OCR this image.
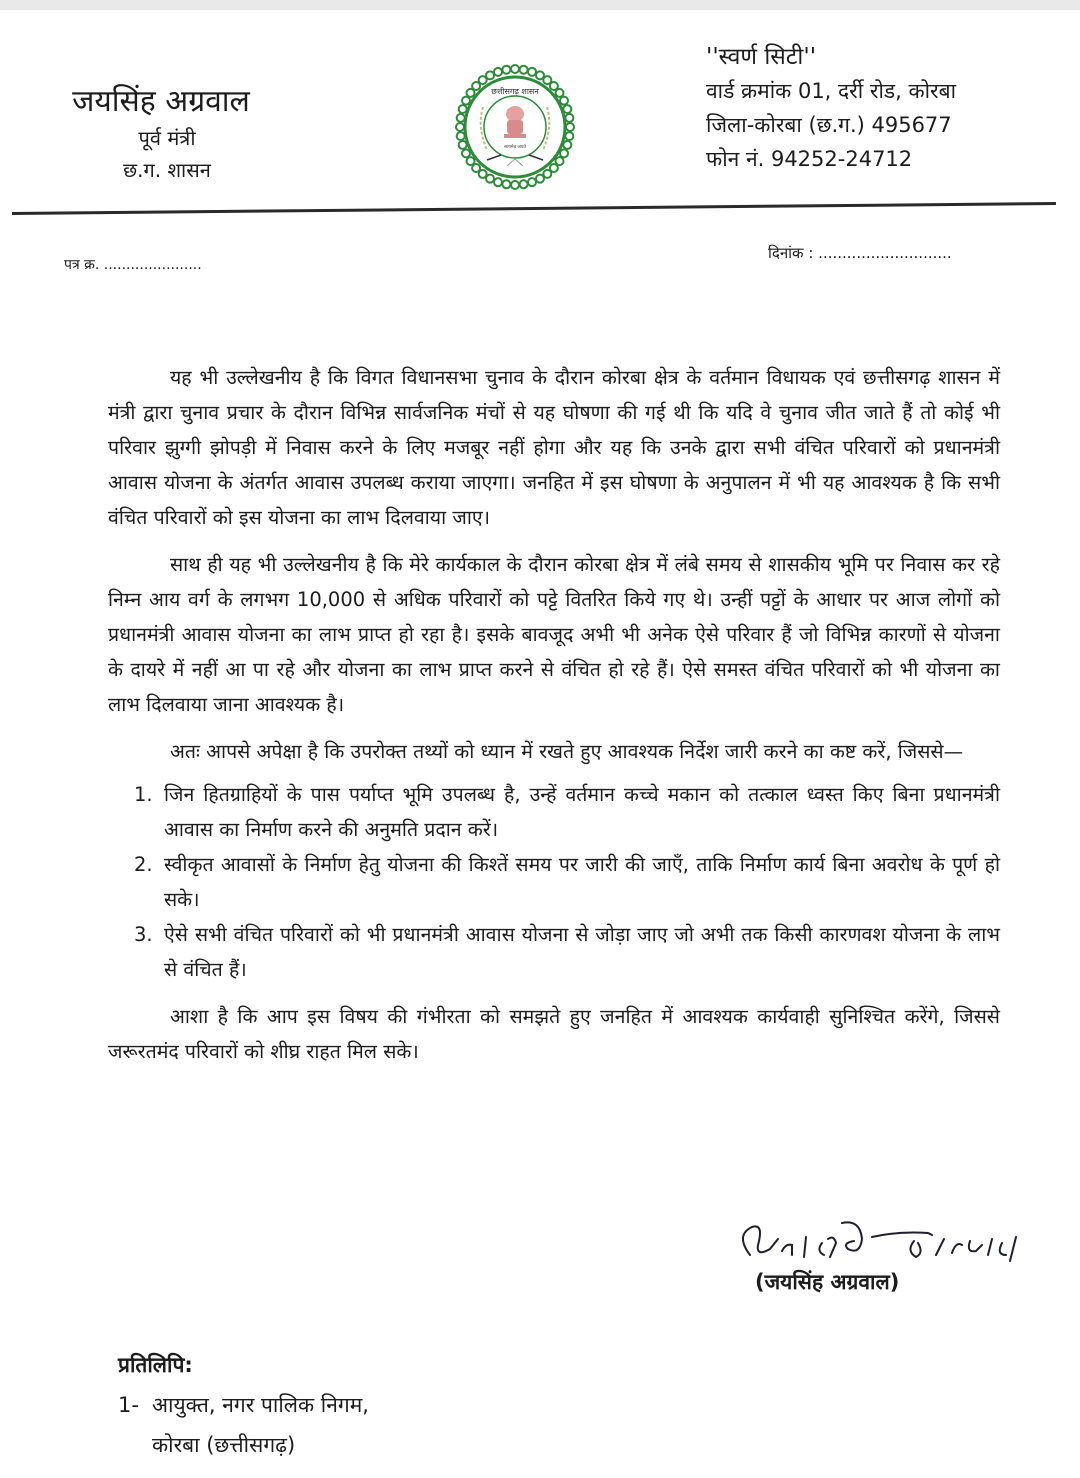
जयसिंह अग्रवाल
पूर्व मंत्री
छ.ग. शासन
छत्तीसगढ़ शासन
सत्यमेव जयते
''स्वर्ण सिटी''
वार्ड क्रमांक 01, दर्री रोड, कोरबा
जिला-कोरबा (छ.ग.) 495677
फोन नं. 94252-24712
पत्र क्र. ......................
दिनांक : ............................

यह भी उल्लेखनीय है कि विगत विधानसभा चुनाव के दौरान कोरबा क्षेत्र के वर्तमान विधायक एवं छत्तीसगढ़ शासन में मंत्री द्वारा चुनाव प्रचार के दौरान विभिन्न सार्वजनिक मंचों से यह घोषणा की गई थी कि यदि वे चुनाव जीत जाते हैं तो कोई भी परिवार झुग्गी झोपड़ी में निवास करने के लिए मजबूर नहीं होगा और यह कि उनके द्वारा सभी वंचित परिवारों को प्रधानमंत्री आवास योजना के अंतर्गत आवास उपलब्ध कराया जाएगा। जनहित में इस घोषणा के अनुपालन में भी यह आवश्यक है कि सभी वंचित परिवारों को इस योजना का लाभ दिलवाया जाए।

साथ ही यह भी उल्लेखनीय है कि मेरे कार्यकाल के दौरान कोरबा क्षेत्र में लंबे समय से शासकीय भूमि पर निवास कर रहे निम्न आय वर्ग के लगभग 10,000 से अधिक परिवारों को पट्टे वितरित किये गए थे। उन्हीं पट्टों के आधार पर आज लोगों को प्रधानमंत्री आवास योजना का लाभ प्राप्त हो रहा है। इसके बावजूद अभी भी अनेक ऐसे परिवार हैं जो विभिन्न कारणों से योजना के दायरे में नहीं आ पा रहे और योजना का लाभ प्राप्त करने से वंचित हो रहे हैं। ऐसे समस्त वंचित परिवारों को भी योजना का लाभ दिलवाया जाना आवश्यक है।

अतः आपसे अपेक्षा है कि उपरोक्त तथ्यों को ध्यान में रखते हुए आवश्यक निर्देश जारी करने का कष्ट करें, जिससे—

1. जिन हितग्राहियों के पास पर्याप्त भूमि उपलब्ध है, उन्हें वर्तमान कच्चे मकान को तत्काल ध्वस्त किए बिना प्रधानमंत्री आवास का निर्माण करने की अनुमति प्रदान करें।
2. स्वीकृत आवासों के निर्माण हेतु योजना की किश्तें समय पर जारी की जाएँ, ताकि निर्माण कार्य बिना अवरोध के पूर्ण हो सके।
3. ऐसे सभी वंचित परिवारों को भी प्रधानमंत्री आवास योजना से जोड़ा जाए जो अभी तक किसी कारणवश योजना के लाभ से वंचित हैं।

आशा है कि आप इस विषय की गंभीरता को समझते हुए जनहित में आवश्यक कार्यवाही सुनिश्चित करेंगे, जिससे जरूरतमंद परिवारों को शीघ्र राहत मिल सके।

(जयसिंह अग्रवाल)
प्रतिलिपि:
1- आयुक्त, नगर पालिक निगम,
कोरबा (छत्तीसगढ़)
